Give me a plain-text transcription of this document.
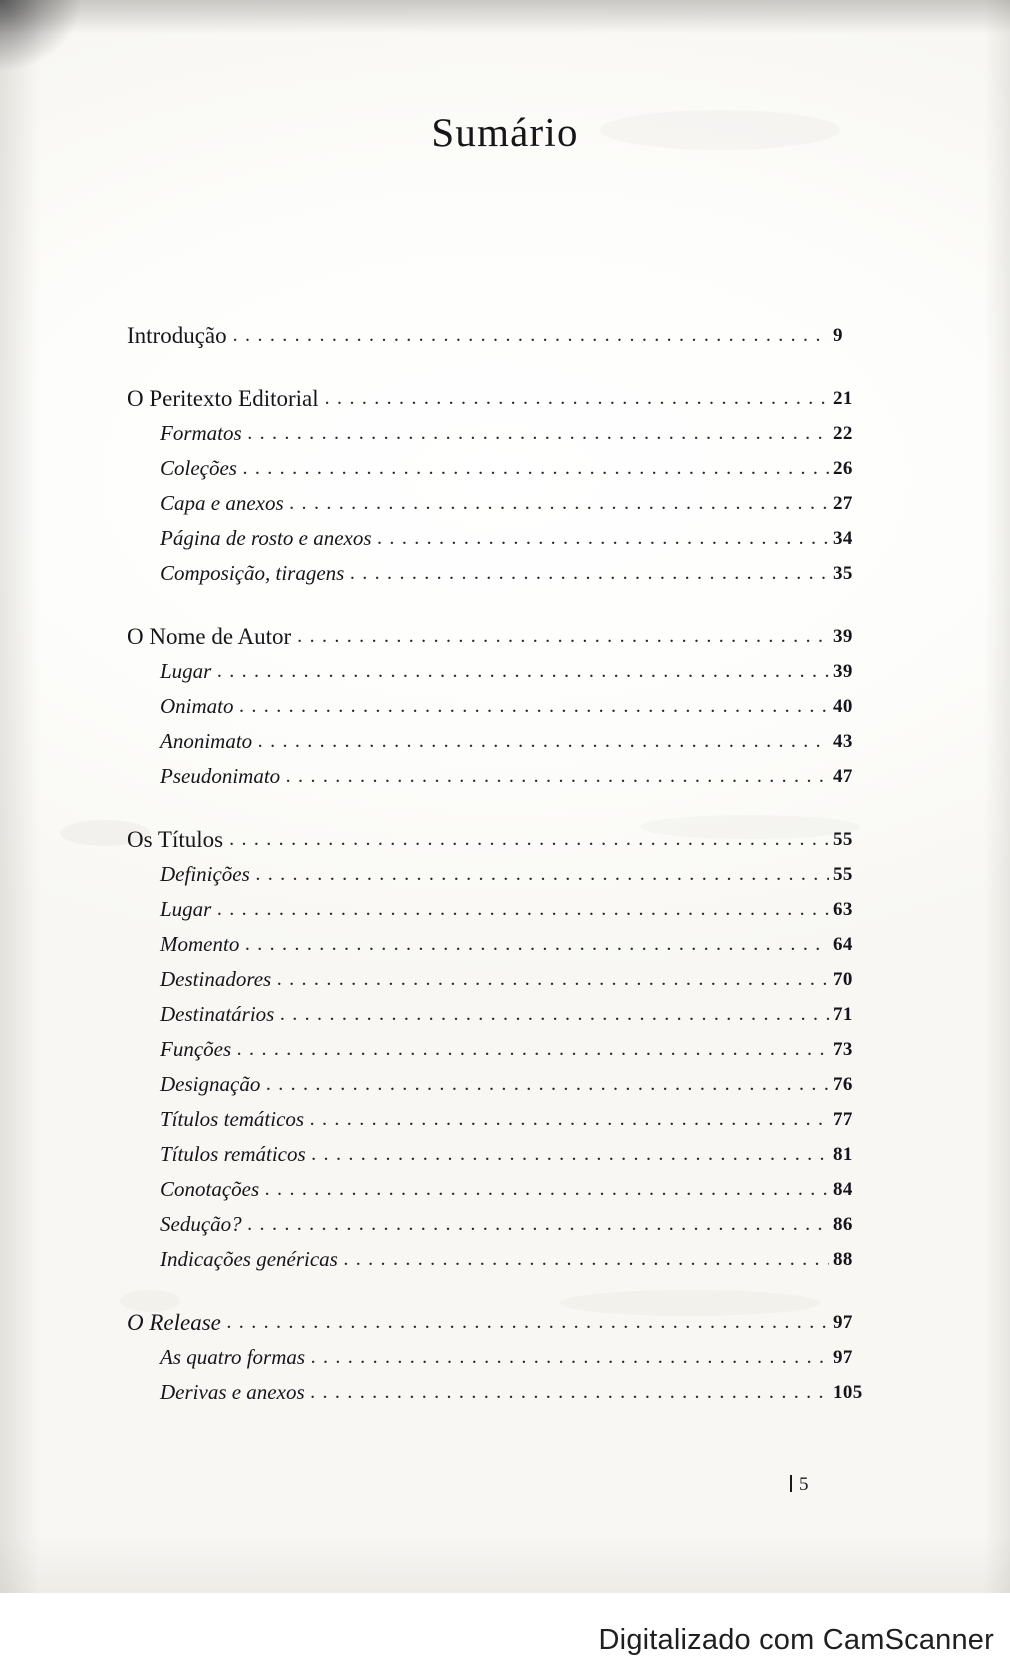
Sumário
Introdução . . .	9
O Peritexto Editorial . . .	21
Formatos . . .	22
Coleções . . .	26
Capa e anexos . . .	27
Página de rosto e anexos . . .	34
Composição, tiragens . . .	35
O Nome de Autor . . .	39
Lugar . . .	39
Onimato . . .	40
Anonimato . . .	43
Pseudonimato . . .	47
Os Títulos . . .	55
Definições . . .	55
Lugar . . .	63
Momento . . .	64
Destinadores . . .	70
Destinatários . . .	71
Funções . . .	73
Designação . . .	76
Títulos temáticos . . .	77
Títulos remáticos . . .	81
Conotações . . .	84
Sedução? . . .	86
Indicações genéricas . . .	88
O Release . . .	97
As quatro formas . . .	97
Derivas e anexos . . .	105
5
Digitalizado com CamScanner
